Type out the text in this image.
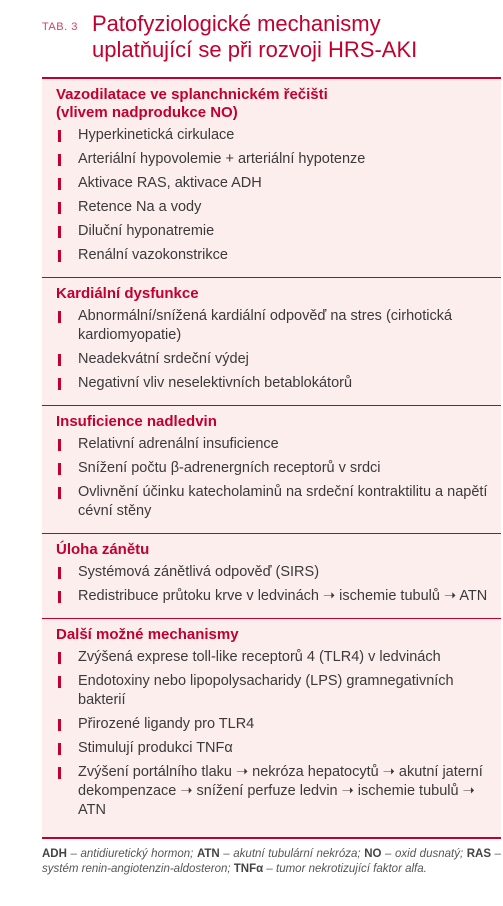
TAB. 3 Patofyziologické mechanismy
uplatňující se při rozvoji HRS-AKI
Vazodilatace ve splanchnickém řečišti
(vlivem nadprodukce NO)
Hyperkinetická cirkulace
Arteriální hypovolemie + arteriální hypotenze
Aktivace RAS, aktivace ADH
Retence Na a vody
Diluční hyponatremie
Renální vazokonstrikce
Kardiální dysfunkce
Abnormální/snížená kardiální odpověď na stres (cirhotická kardiomyopatie)
Neadekvátní srdeční výdej
Negativní vliv neselektivních betablokátorů
Insuficience nadledvin
Relativní adrenální insuficience
Snížení počtu β-adrenergních receptorů v srdci
Ovlivnění účinku katecholaminů na srdeční kontraktilitu a napětí cévní stěny
Úloha zánětu
Systémová zánětlivá odpověď (SIRS)
Redistribuce průtoku krve v ledvinách ➝ ischemie tubulů ➝ ATN
Další možné mechanismy
Zvýšená exprese toll-like receptorů 4 (TLR4) v ledvinách
Endotoxiny nebo lipopolysacharidy (LPS) gramnegativních bakterií
Přirozené ligandy pro TLR4
Stimulují produkci TNFα
Zvýšení portálního tlaku ➝ nekróza hepatocytů ➝ akutní jaterní dekompenzace ➝ snížení perfuze ledvin ➝ ischemie tubulů ➝ ATN
ADH – antidiuretický hormon; ATN – akutní tubulární nekróza; NO – oxid dusnatý; RAS – systém renin-angiotenzin-aldosteron; TNFα – tumor nekrotizující faktor alfa.
